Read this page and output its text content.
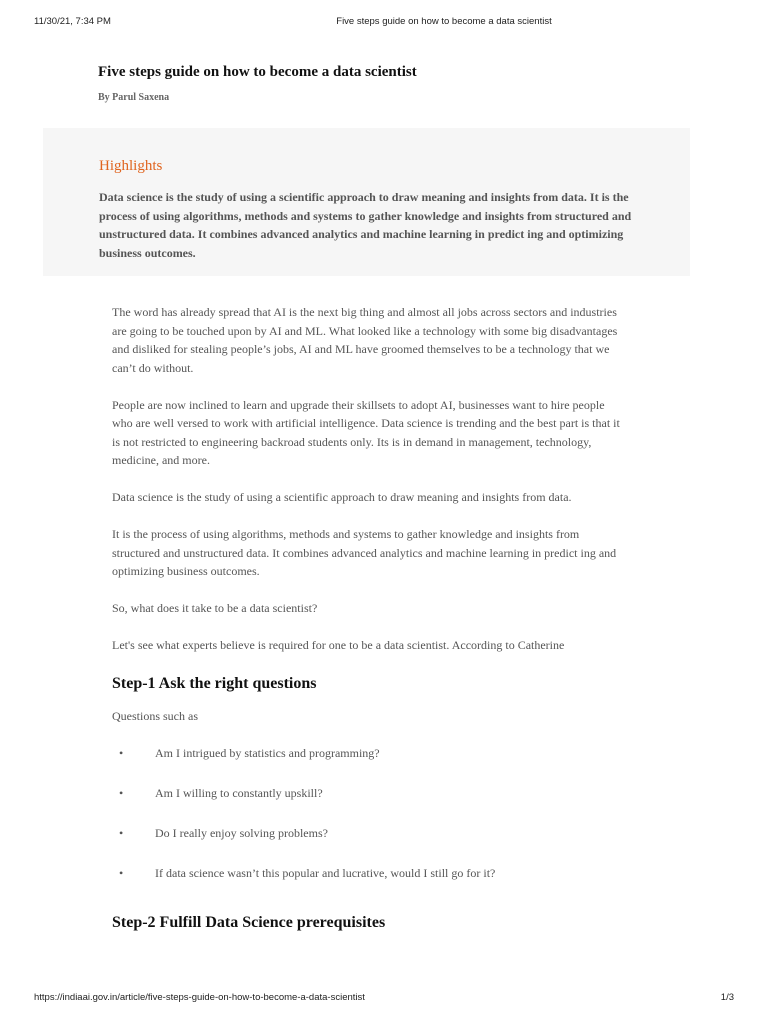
11/30/21, 7:34 PM	Five steps guide on how to become a data scientist
Five steps guide on how to become a data scientist
By Parul Saxena
Highlights

Data science is the study of using a scientific approach to draw meaning and insights from data. It is the process of using algorithms, methods and systems to gather knowledge and insights from structured and unstructured data. It combines advanced analytics and machine learning in predict ing and optimizing business outcomes.

The word has already spread that AI is the next big thing and almost all jobs across sectors and industries are going to be touched upon by AI and ML. What looked like a technology with some big disadvantages and disliked for stealing people’s jobs, AI and ML have groomed themselves to be a technology that we can’t do without.

People are now inclined to learn and upgrade their skillsets to adopt AI, businesses want to hire people who are well versed to work with artificial intelligence. Data science is trending and the best part is that it is not restricted to engineering backroad students only. Its is in demand in management, technology, medicine, and more.

Data science is the study of using a scientific approach to draw meaning and insights from data.

It is the process of using algorithms, methods and systems to gather knowledge and insights from structured and unstructured data. It combines advanced analytics and machine learning in predict ing and optimizing business outcomes.

So, what does it take to be a data scientist?

Let's see what experts believe is required for one to be a data scientist. According to Catherine

Step-1 Ask the right questions

Questions such as

•	Am I intrigued by statistics and programming?
•	Am I willing to constantly upskill?
•	Do I really enjoy solving problems?
•	If data science wasn’t this popular and lucrative, would I still go for it?
Step-2 Fulfill Data Science prerequisites
https://indiaai.gov.in/article/five-steps-guide-on-how-to-become-a-data-scientist	1/3
